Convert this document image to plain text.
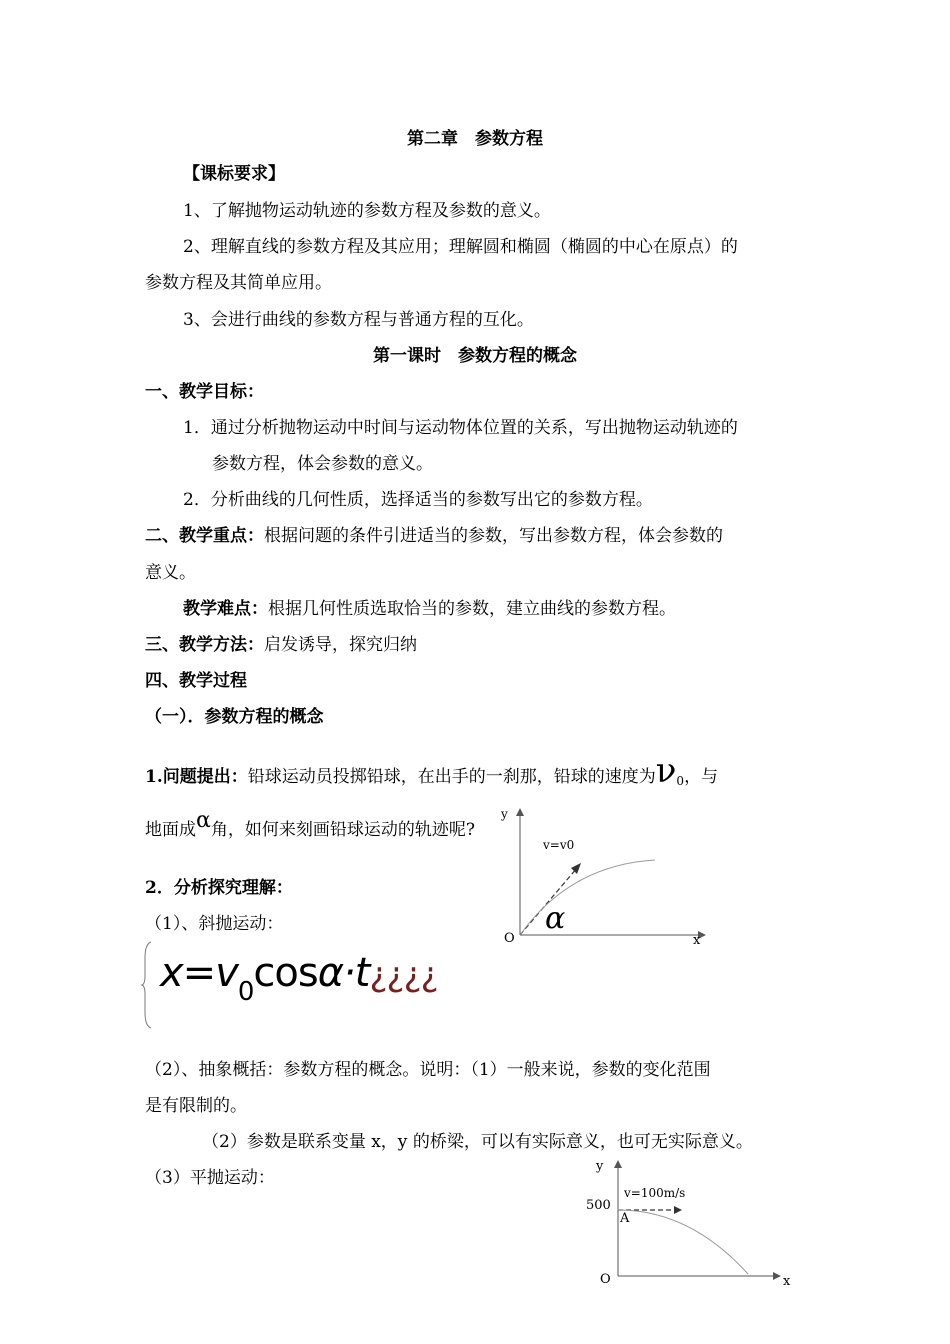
第二章　参数方程
【课标要求】
1、了解抛物运动轨迹的参数方程及参数的意义。
2、理解直线的参数方程及其应用；理解圆和椭圆（椭圆的中心在原点）的
参数方程及其简单应用。
3、会进行曲线的参数方程与普通方程的互化。
第一课时　参数方程的概念
一、教学目标：
1．通过分析抛物运动中时间与运动物体位置的关系，写出抛物运动轨迹的
参数方程，体会参数的意义。
2．分析曲线的几何性质，选择适当的参数写出它的参数方程。
二、教学重点：根据问题的条件引进适当的参数，写出参数方程，体会参数的
意义。
教学难点：根据几何性质选取恰当的参数，建立曲线的参数方程。
三、教学方法：启发诱导，探究归纳
四、教学过程
（一）．参数方程的概念
1.问题提出：铅球运动员投掷铅球，在出手的一刹那，铅球的速度为$\nu_0$，与
地面成α角，如何来刻画铅球运动的轨迹呢?
2．分析探究理解：
（1）、斜抛运动：
y
x
O
v=v0
α
$x=v_0\cos\alpha\cdot t¿¿¿¿$
（2）、抽象概括：参数方程的概念。说明：（1）一般来说，参数的变化范围
是有限制的。
（2）参数是联系变量 x，y 的桥梁，可以有实际意义，也可无实际意义。
（3）平抛运动：
y
x
O
500
A
v=100m/s
